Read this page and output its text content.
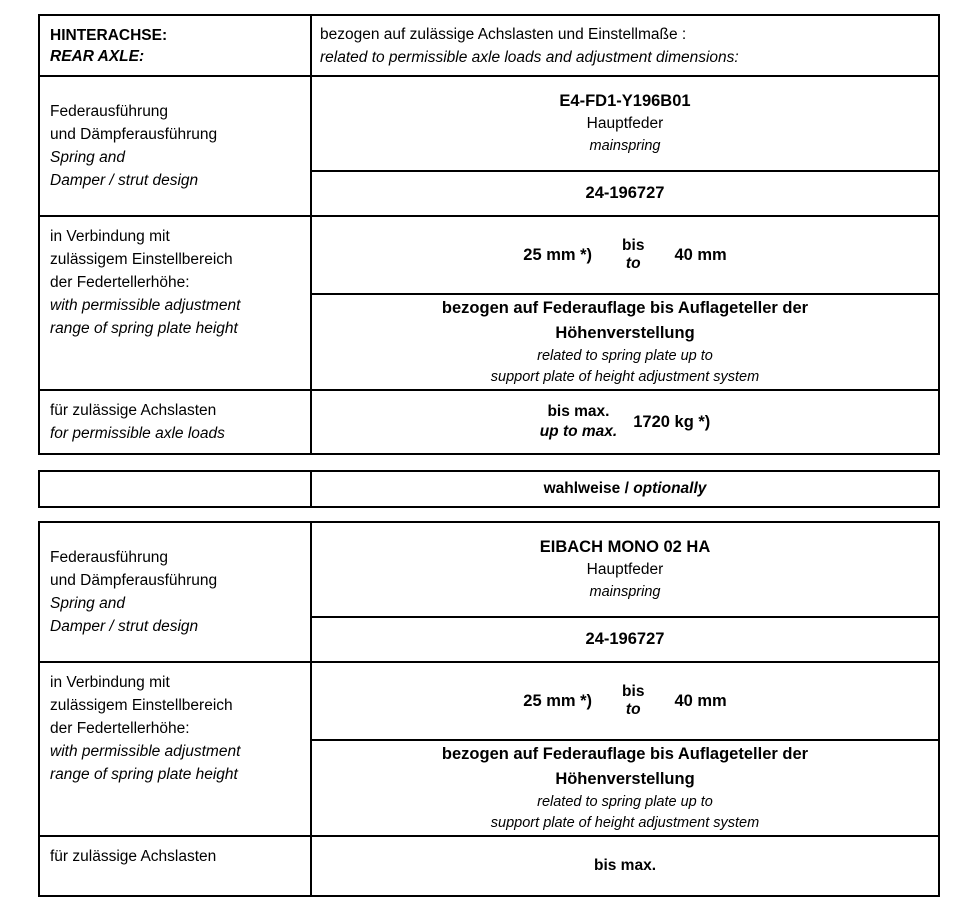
HINTERACHSE:
REAR AXLE:
bezogen auf zulässige Achslasten und Einstellmaße :
related to permissible axle loads and adjustment dimensions:
Federausführung
und Dämpferausführung
Spring and
Damper / strut design
E4-FD1-Y196B01
Hauptfeder
mainspring
24-196727
in Verbindung mit
zulässigem Einstellbereich
der Federtellerhöhe:
with permissible adjustment
range of spring plate height
25 mm *) bis
to 40 mm
bezogen auf Federauflage bis Auflageteller der
Höhenverstellung
related to spring plate up to
support plate of height adjustment system
für zulässige Achslasten
for permissible axle loads
bis max.
up to max.
1720 kg *)
wahlweise / optionally
Federausführung
und Dämpferausführung
Spring and
Damper / strut design
EIBACH MONO 02 HA
Hauptfeder
mainspring
24-196727
in Verbindung mit
zulässigem Einstellbereich
der Federtellerhöhe:
with permissible adjustment
range of spring plate height
25 mm *) bis
to 40 mm
bezogen auf Federauflage bis Auflageteller der
Höhenverstellung
related to spring plate up to
support plate of height adjustment system
für zulässige Achslasten
bis max.
